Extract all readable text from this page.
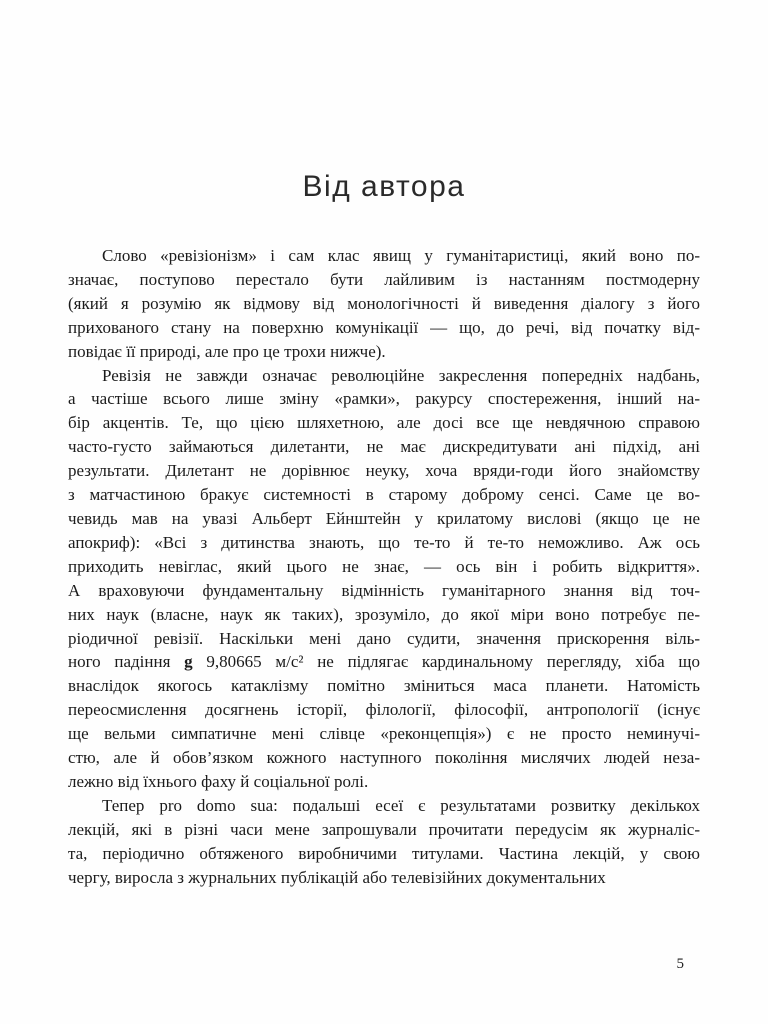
Від автора
Слово «ревізіонізм» і сам клас явищ у гуманітаристиці, який воно по-
значає, поступово перестало бути лайливим із настанням постмодерну
(який я розумію як відмову від монологічності й виведення діалогу з його
прихованого стану на поверхню комунікації — що, до речі, від початку від-
повідає її природі, але про це трохи нижче).
Ревізія не завжди означає революційне закреслення попередніх надбань,
а частіше всього лише зміну «рамки», ракурсу спостереження, інший на-
бір акцентів. Те, що цією шляхетною, але досі все ще невдячною справою
часто-густо займаються дилетанти, не має дискредитувати ані підхід, ані
результати. Дилетант не дорівнює неуку, хоча вряди-годи його знайомству
з матчастиною бракує системності в старому доброму сенсі. Саме це во-
чевидь мав на увазі Альберт Ейнштейн у крилатому вислові (якщо це не
апокриф): «Всі з дитинства знають, що те-то й те-то неможливо. Аж ось
приходить невіглас, який цього не знає, — ось він і робить відкриття».
А враховуючи фундаментальну відмінність гуманітарного знання від точ-
них наук (власне, наук як таких), зрозуміло, до якої міри воно потребує пе-
ріодичної ревізії. Наскільки мені дано судити, значення прискорення віль-
ного падіння g 9,80665 м/с² не підлягає кардинальному перегляду, хіба що
внаслідок якогось катаклізму помітно зміниться маса планети. Натомість
переосмислення досягнень історії, філології, філософії, антропології (існує
ще вельми симпатичне мені слівце «реконцепція») є не просто неминучі-
стю, але й обов’язком кожного наступного покоління мислячих людей неза-
лежно від їхнього фаху й соціальної ролі.
Тепер pro domo sua: подальші есеї є результатами розвитку декількох
лекцій, які в різні часи мене запрошували прочитати передусім як журналіс-
та, періодично обтяженого виробничими титулами. Частина лекцій, у свою
чергу, виросла з журнальних публікацій або телевізійних документальних
5
